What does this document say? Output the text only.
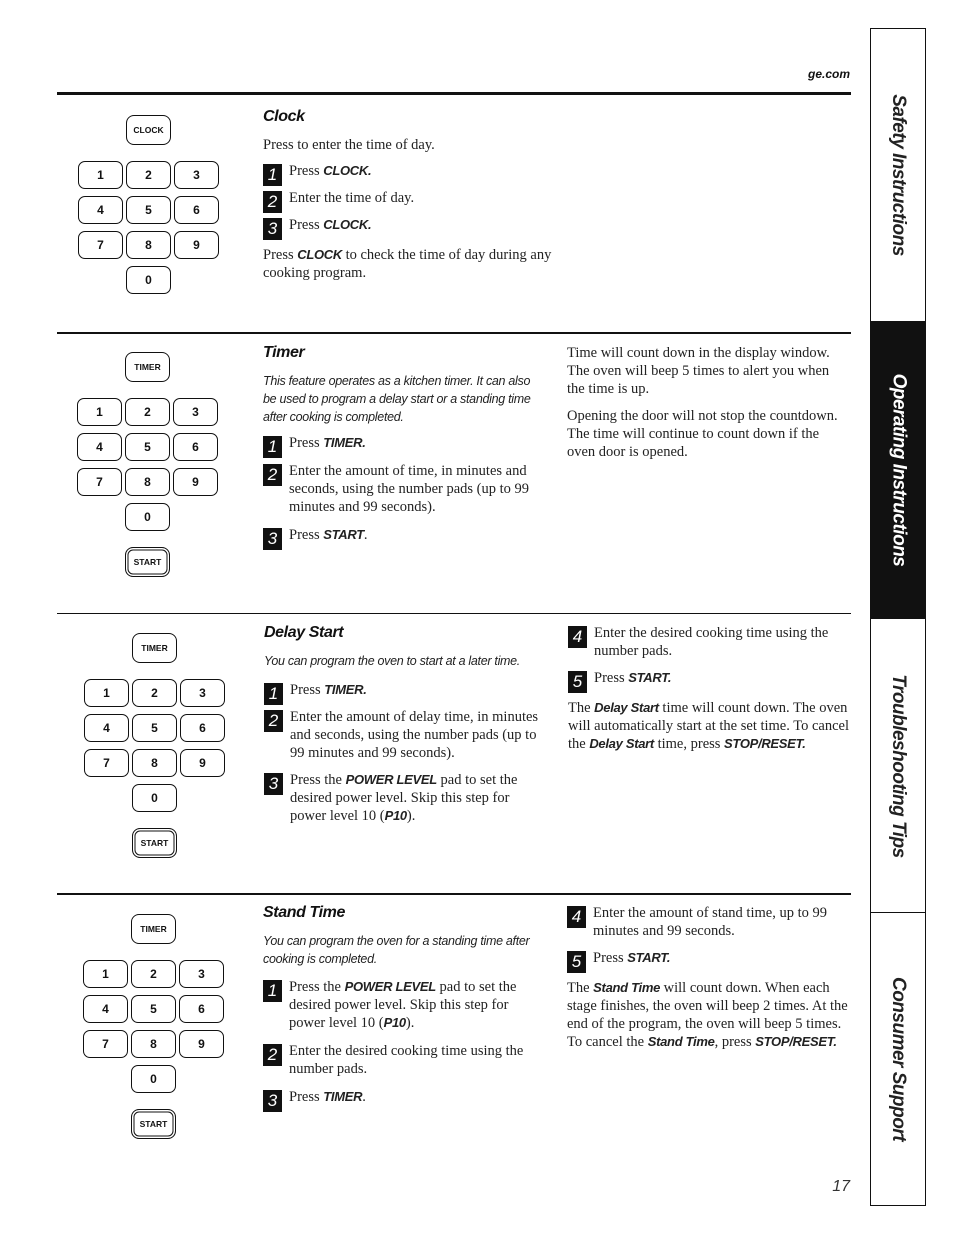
ge.com
CLOCK
1	2	3
4	5	6
7	8	9
0
Clock

Press to enter the time of day.

1 Press CLOCK.
2 Enter the time of day.
3 Press CLOCK.

Press CLOCK to check the time of day during any cooking program.

TIMER
1	2	3
4	5	6
7	8	9
0
START
Timer
This feature operates as a kitchen timer. It can also be used to program a delay start or a standing time after cooking is completed.
1 Press TIMER.
2 Enter the amount of time, in minutes and seconds, using the number pads (up to 99 minutes and 99 seconds).
3 Press START.

Time will count down in the display window. The oven will beep 5 times to alert you when the time is up.

Opening the door will not stop the countdown. The time will continue to count down if the oven door is opened.

TIMER
1	2	3
4	5	6
7	8	9
0
START
Delay Start
You can program the oven to start at a later time.
1 Press TIMER.
2 Enter the amount of delay time, in minutes and seconds, using the number pads (up to 99 minutes and 99 seconds).
3 Press the POWER LEVEL pad to set the desired power level. Skip this step for power level 10 (P10).
4 Enter the desired cooking time using the number pads.
5 Press START.

The Delay Start time will count down. The oven will automatically start at the set time. To cancel the Delay Start time, press STOP/RESET.

TIMER
1	2	3
4	5	6
7	8	9
0
START
Stand Time
You can program the oven for a standing time after cooking is completed.
1 Press the POWER LEVEL pad to set the desired power level. Skip this step for power level 10 (P10).
2 Enter the desired cooking time using the number pads.
3 Press TIMER.
4 Enter the amount of stand time, up to 99 minutes and 99 seconds.
5 Press START.

The Stand Time will count down. When each stage finishes, the oven will beep 2 times. At the end of the program, the oven will beep 5 times. To cancel the Stand Time, press STOP/RESET.

Safety Instructions
Operating Instructions
Troubleshooting Tips
Consumer Support
17
